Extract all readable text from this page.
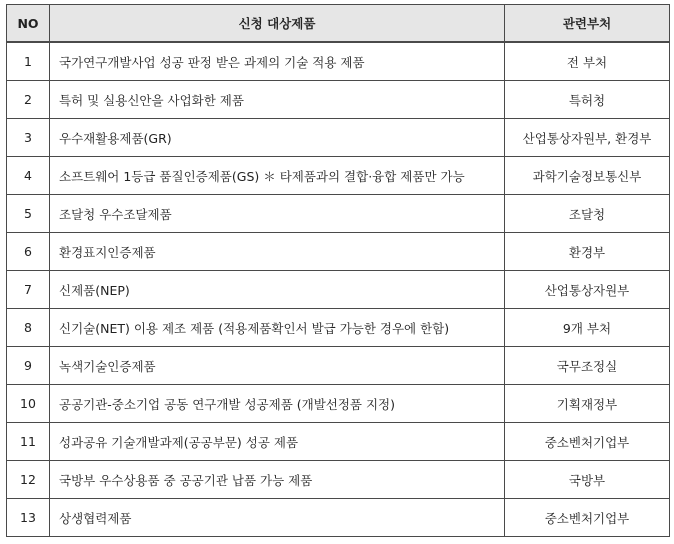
NO	신청 대상제품	관련부처
1	국가연구개발사업 성공 판정 받은 과제의 기술 적용 제품	전 부처
2	특허 및 실용신안을 사업화한 제품	특허청
3	우수재활용제품(GR)	산업통상자원부, 환경부
4	소프트웨어 1등급 품질인증제품(GS) ＊ 타제품과의 결합·융합 제품만 가능	과학기술정보통신부
5	조달청 우수조달제품	조달청
6	환경표지인증제품	환경부
7	신제품(NEP)	산업통상자원부
8	신기술(NET) 이용 제조 제품 (적용제품확인서 발급 가능한 경우에 한함)	9개 부처
9	녹색기술인증제품	국무조정실
10	공공기관-중소기업 공동 연구개발 성공제품 (개발선정품 지정)	기획재정부
11	성과공유 기술개발과제(공공부문) 성공 제품	중소벤처기업부
12	국방부 우수상용품 중 공공기관 납품 가능 제품	국방부
13	상생협력제품	중소벤처기업부
